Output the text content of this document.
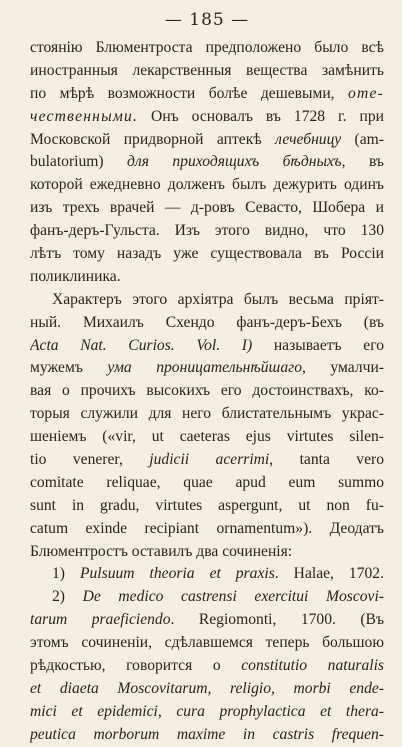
— 185 —
стоянію Блюментроста предположено было всѣ
иностранныя лекарственныя вещества замѣнить
по мѣрѣ возможности болѣе дешевыми, оте-
чественными. Онъ основалъ въ 1728 г. при
Московской придворной аптекѣ лечебницу (am-
bulatorium) для приходящихъ бѣдныхъ, въ
которой ежедневно долженъ былъ дежурить одинъ
изъ трехъ врачей — д-ровъ Севасто, Шобера и
фанъ-деръ-Гульста. Изъ этого видно, что 130
лѣтъ тому назадъ уже существовала въ Россіи
поликлиника.
Характеръ этого архіятра былъ весьма пріят-
ный. Михаилъ Схендо фанъ-деръ-Бехъ (въ
Acta Nat. Curios. Vol. I) называетъ его
мужемъ ума проницательнѣйшаго, умалчи-
вая о прочихъ высокихъ его достоинствахъ, ко-
торыя служили для него блистательнымъ украс-
шеніемъ («vir, ut caeteras ejus virtutes silen-
tio venerer, judicii acerrimi, tanta vero
comitate reliquae, quae apud eum summo
sunt in gradu, virtutes aspergunt, ut non fu-
catum exinde recipiant ornamentum»). Деодатъ
Блюментростъ оставилъ два сочиненія:
1) Pulsuum theoria et praxis. Halae, 1702.
2) De medico castrensi exercitui Moscovi-
tarum praeficiendo. Regiomonti, 1700. (Въ
этомъ сочиненіи, сдѣлавшемся теперь большою
рѣдкостью, говорится о constitutio naturalis
et diaeta Moscovitarum, religio, morbi ende-
mici et epidemici, cura prophylactica et thera-
peutica morborum maxime in castris frequen-
